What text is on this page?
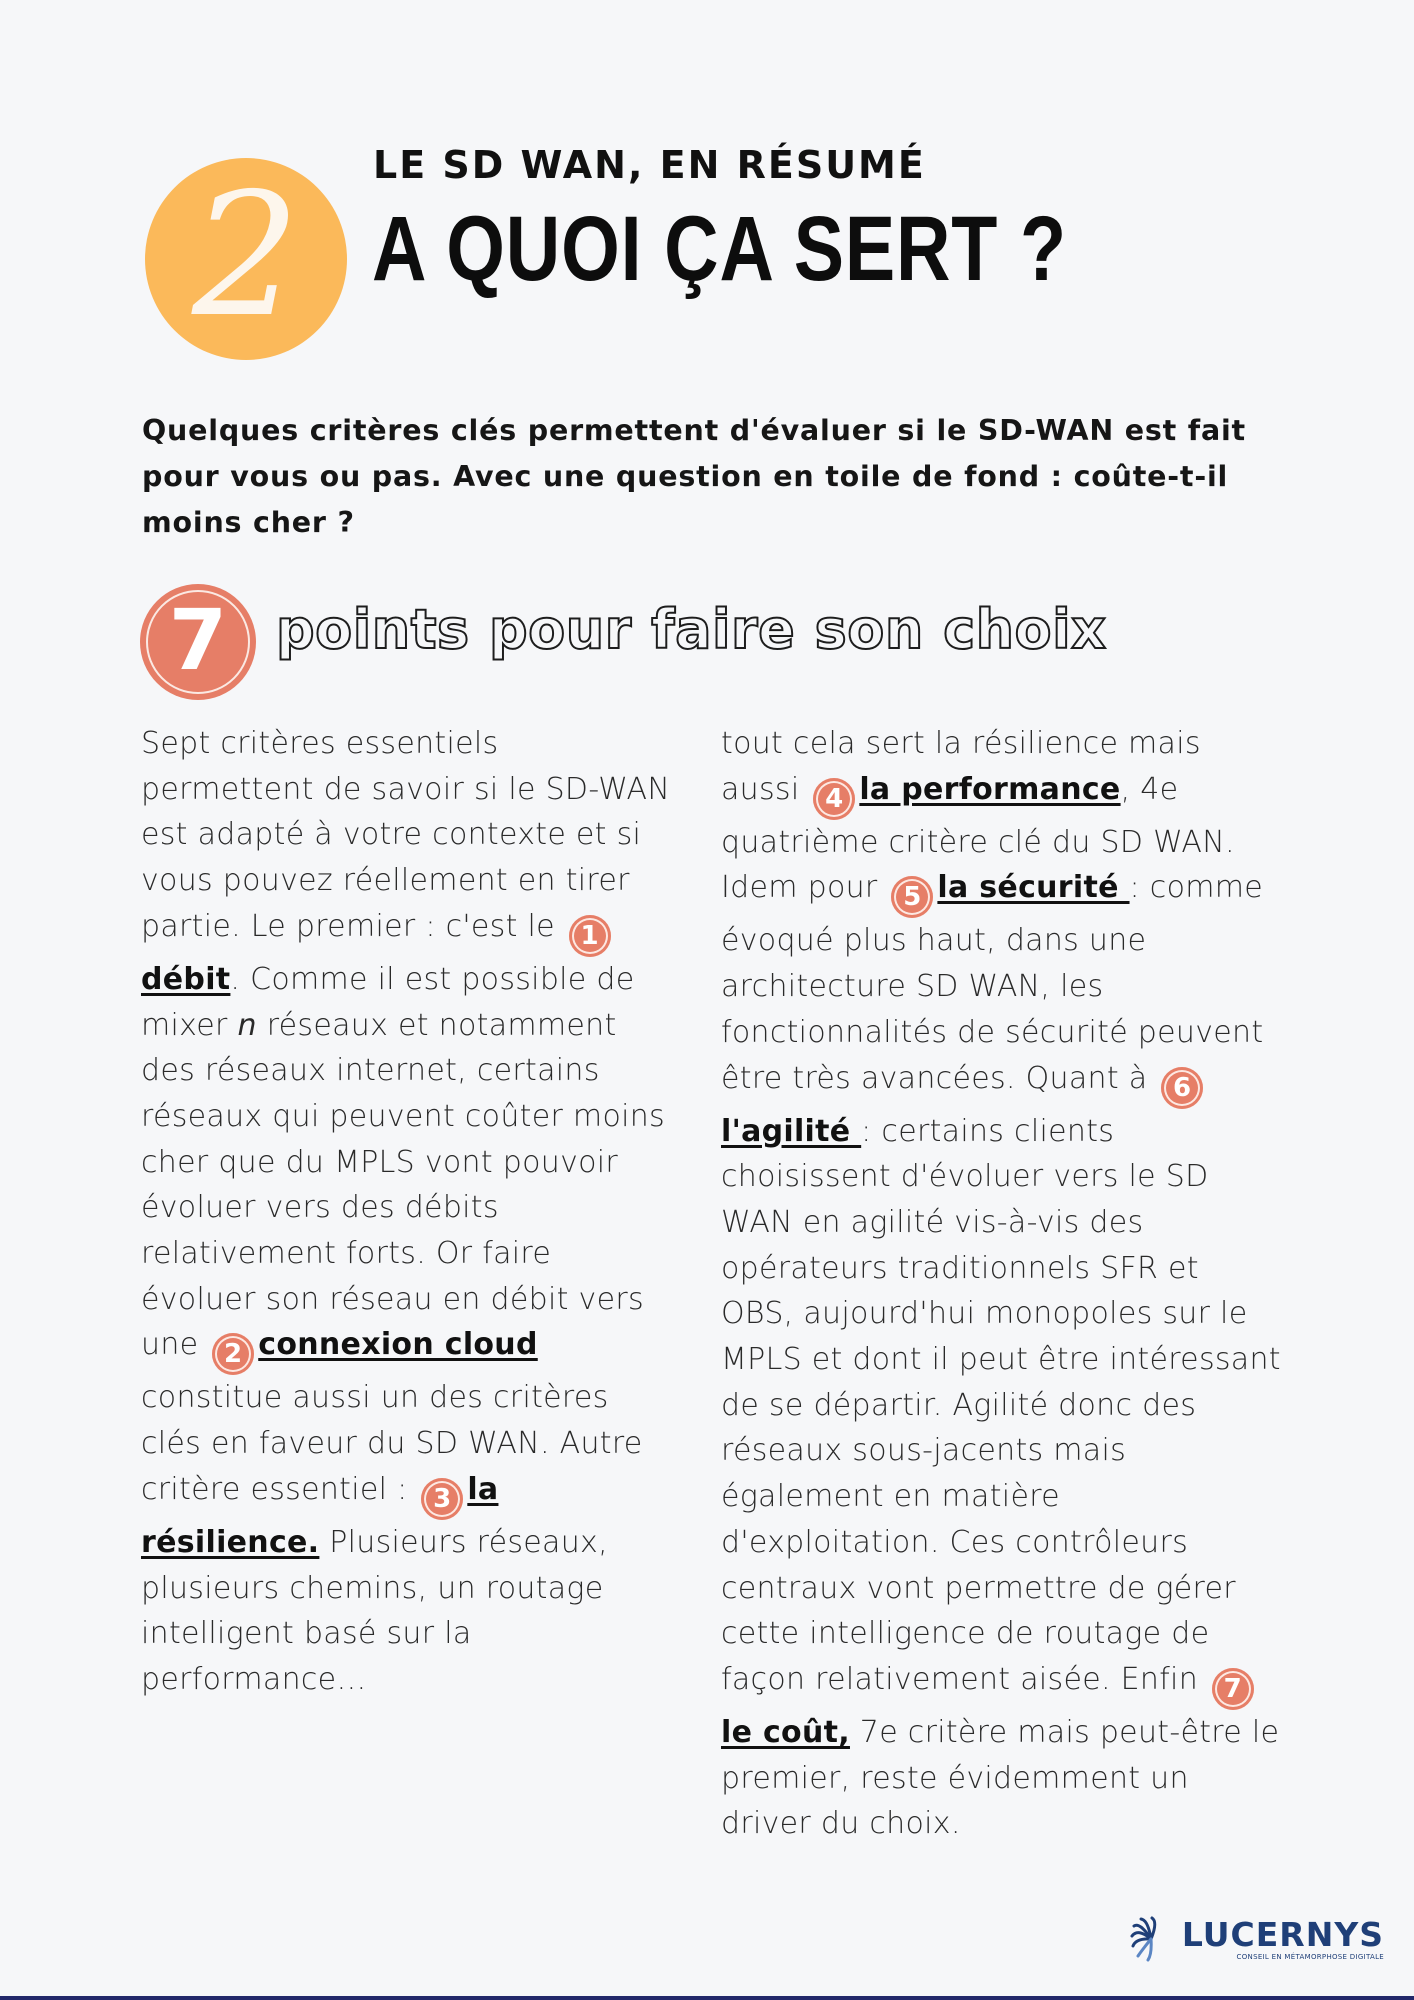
2 LE SD WAN, EN RÉSUMÉ
A QUOI ÇA SERT ?

Quelques critères clés permettent d'évaluer si le SD-WAN est fait pour vous ou pas. Avec une question en toile de fond : coûte-t-il moins cher ?

7 points pour faire son choix

Sept critères essentiels permettent de savoir si le SD-WAN est adapté à votre contexte et si vous pouvez réellement en tirer partie. Le premier : c'est le 1débit. Comme il est possible de mixer n réseaux et notamment des réseaux internet, certains réseaux qui peuvent coûter moins cher que du MPLS vont pouvoir évoluer vers des débits relativement forts. Or faire évoluer son réseau en débit vers une 2 connexion cloud constitue aussi un des critères clés en faveur du SD WAN. Autre critère essentiel : 3 la résilience. Plusieurs réseaux, plusieurs chemins, un routage intelligent basé sur la performance…

tout cela sert la résilience mais aussi 4 la performance, 4e quatrième critère clé du SD WAN. Idem pour 5 la sécurité : comme évoqué plus haut, dans une architecture SD WAN, les fonctionnalités de sécurité peuvent être très avancées. Quant à 6l'agilité : certains clients choisissent d'évoluer vers le SD WAN en agilité vis-à-vis des opérateurs traditionnels SFR et OBS, aujourd'hui monopoles sur le MPLS et dont il peut être intéressant de se départir. Agilité donc des réseaux sous-jacents mais également en matière d'exploitation. Ces contrôleurs centraux vont permettre de gérer cette intelligence de routage de façon relativement aisée. Enfin 7le coût, 7e critère mais peut-être le premier, reste évidemment un driver du choix.

LUCERNYS
CONSEIL EN MÉTAMORPHOSE DIGITALE
